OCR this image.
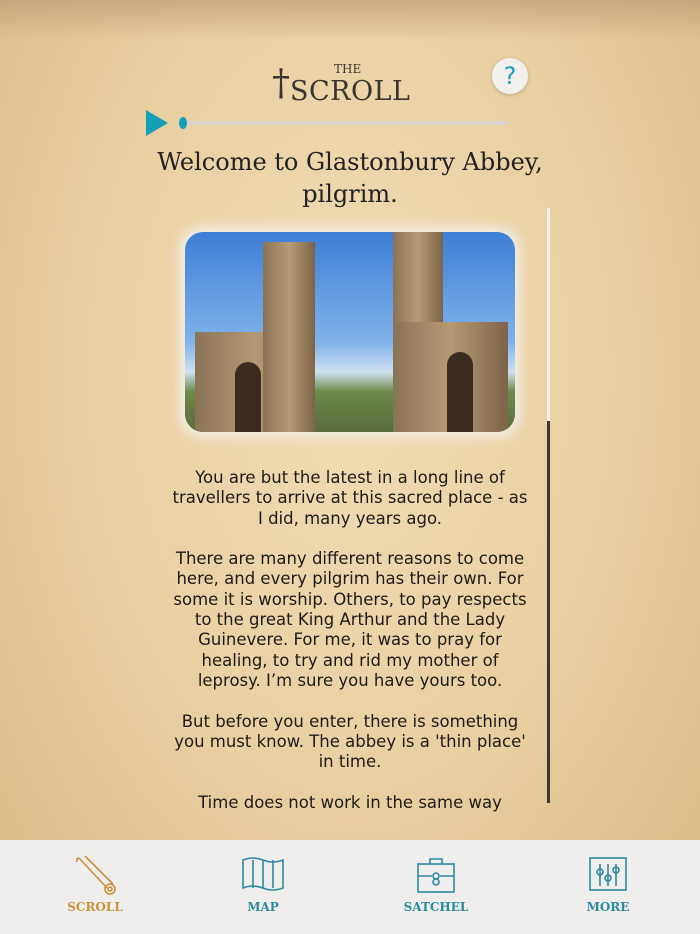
†	THE
SCROLL	?
Welcome to Glastonbury Abbey, pilgrim.

You are but the latest in a long line of travellers to arrive at this sacred place - as I did, many years ago.

There are many different reasons to come here, and every pilgrim has their own. For some it is worship. Others, to pay respects to the great King Arthur and the Lady Guinevere. For me, it was to pray for healing, to try and rid my mother of leprosy. I’m sure you have yours too.

But before you enter, there is something you must know. The abbey is a 'thin place' in time.

Time does not work in the same way

SCROLL	MAP	SATCHEL	MORE
